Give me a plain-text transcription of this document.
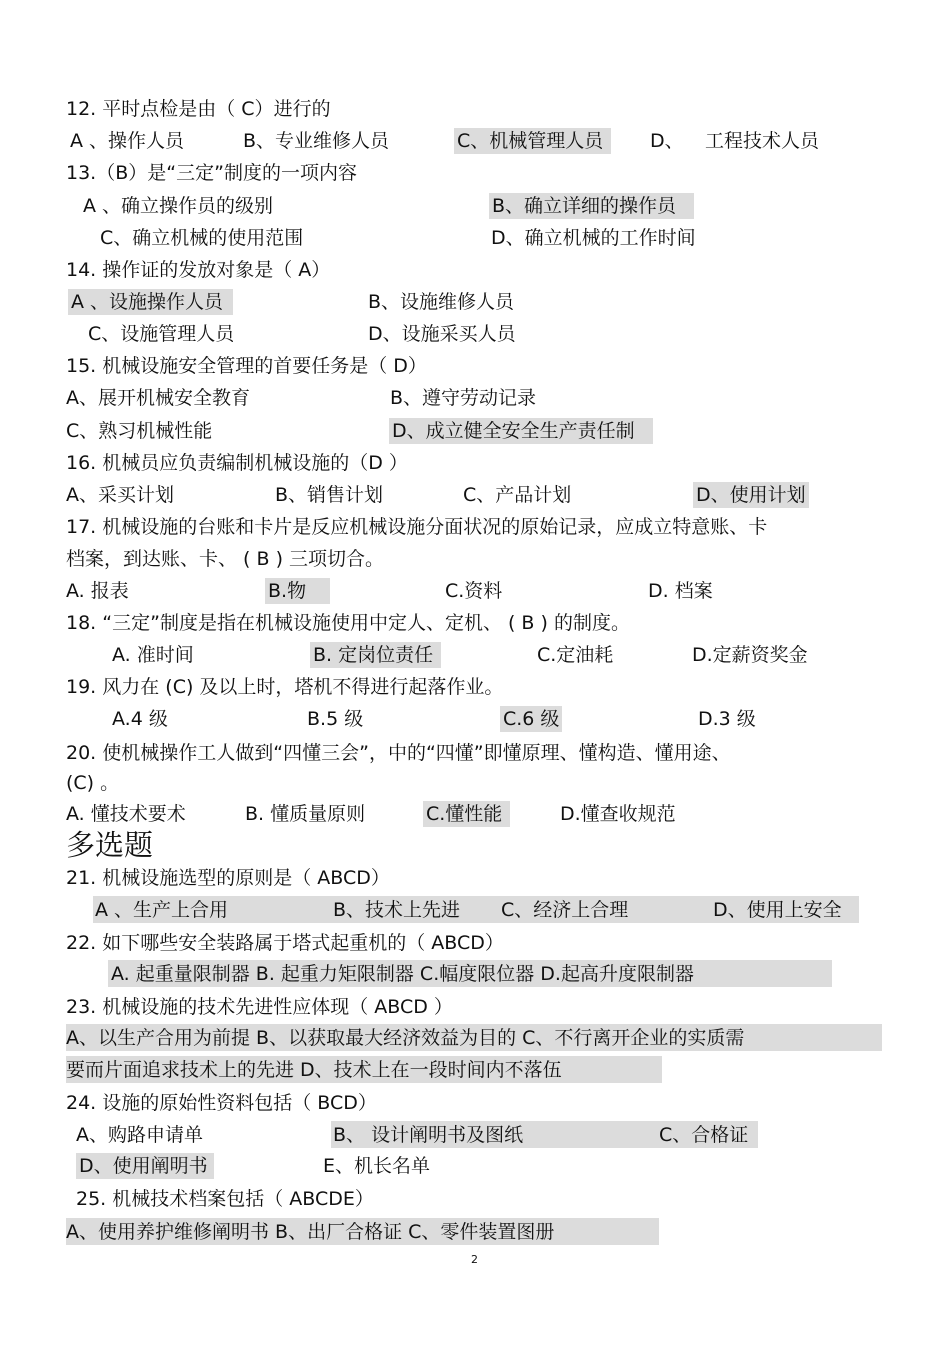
12. 平时点检是由（ C）进行的
A 、操作人员	B、专业维修人员	C、机械管理人员	D、 工程技术人员
13.（B）是“三定”制度的一项内容
A 、确立操作员的级别	B、确立详细的操作员
C、确立机械的使用范围	D、确立机械的工作时间
14. 操作证的发放对象是（ A）
A 、设施操作人员	B、设施维修人员
C、设施管理人员	D、设施采买人员
15. 机械设施安全管理的首要任务是（ D）
A、展开机械安全教育	B、遵守劳动记录
C、熟习机械性能	D、成立健全安全生产责任制
16. 机械员应负责编制机械设施的（D ）
A、采买计划	B、销售计划	C、产品计划	D、使用计划
17. 机械设施的台账和卡片是反应机械设施分面状况的原始记录，应成立特意账、卡
档案，到达账、卡、 ( B ) 三项切合。
A. 报表	B.物	C.资料	D. 档案
18. “三定”制度是指在机械设施使用中定人、定机、 ( B ) 的制度。
A. 准时间	B. 定岗位责任	C.定油耗	D.定薪资奖金
19. 风力在 (C) 及以上时，塔机不得进行起落作业。
A.4 级	B.5 级	C.6 级	D.3 级
20. 使机械操作工人做到“四懂三会”，中的“四懂”即懂原理、懂构造、懂用途、
(C) 。
A. 懂技术要术	B. 懂质量原则	C.懂性能	D.懂查收规范
多选题
21. 机械设施选型的原则是（ ABCD）
A 、生产上合用	B、技术上先进 C、经济上合理	D、使用上安全
22. 如下哪些安全装路属于塔式起重机的（ ABCD）
A. 起重量限制器 B. 起重力矩限制器 C.幅度限位器 D.起高升度限制器
23. 机械设施的技术先进性应体现（ ABCD ）
A、以生产合用为前提 B、以获取最大经济效益为目的 C、不行离开企业的实质需
要而片面追求技术上的先进 D、技术上在一段时间内不落伍
24. 设施的原始性资料包括（ BCD）
A、购路申请单	B、 设计阐明书及图纸	C、合格证
D、使用阐明书	E、机长名单
25. 机械技术档案包括（ ABCDE）
A、使用养护维修阐明书 B、出厂合格证 C、零件装置图册
2
